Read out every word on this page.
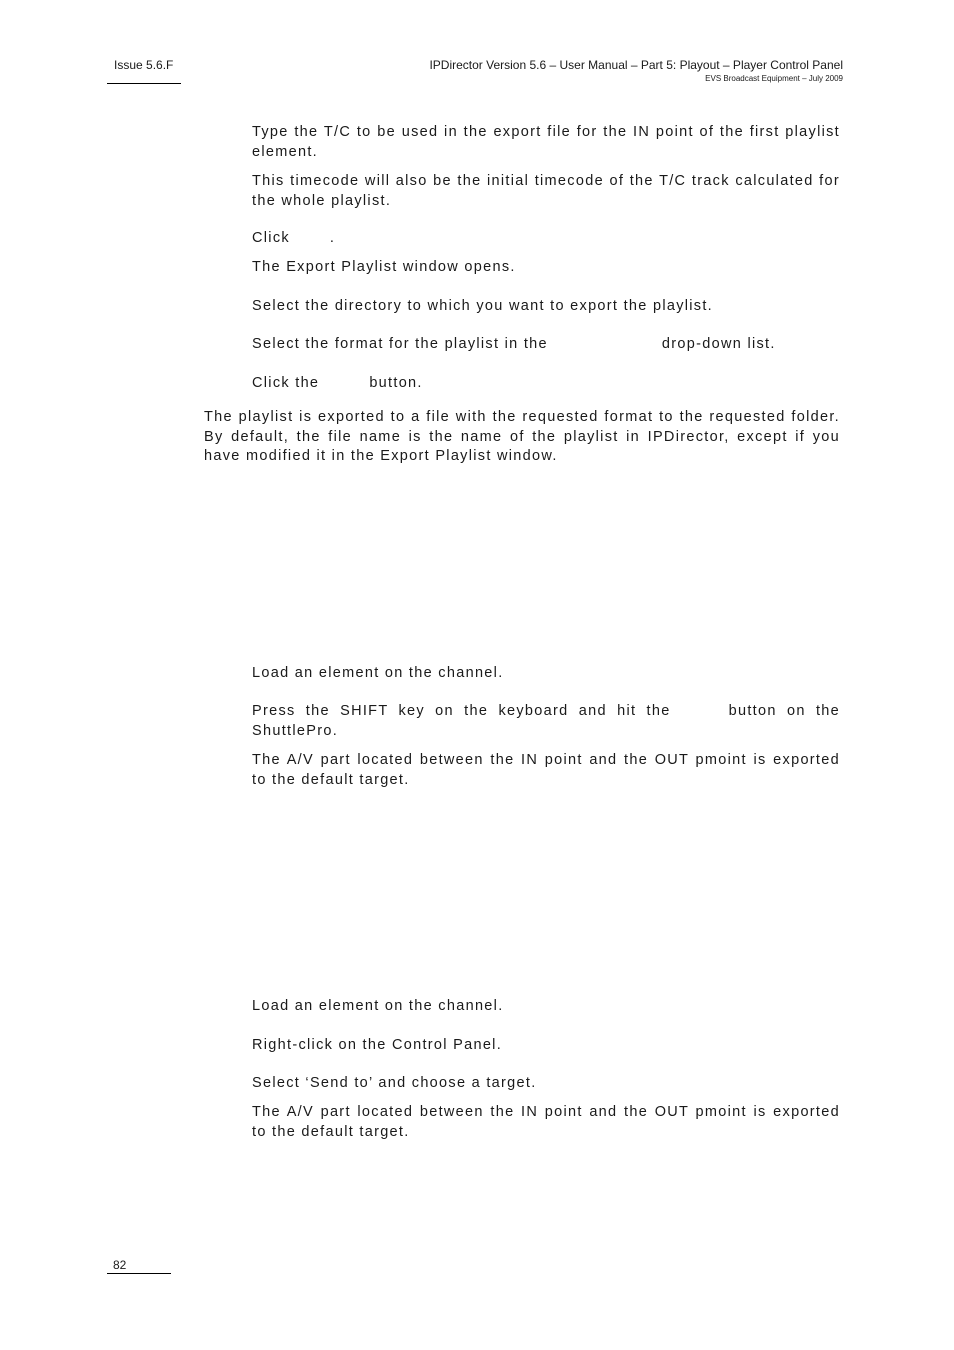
Issue 5.6.F	IPDirector Version 5.6 – User Manual – Part 5: Playout – Player Control Panel
EVS Broadcast Equipment – July 2009

Type the T/C to be used in the export file for the IN point of the first playlist element.

This timecode will also be the initial timecode of the T/C track calculated for the whole playlist.

Click	.

The Export Playlist window opens.

Select the directory to which you want to export the playlist.

Select the format for the playlist in the	drop-down list.

Click the	button.

The playlist is exported to a file with the requested format to the requested folder. By default, the file name is the name of the playlist in IPDirector, except if you have modified it in the Export Playlist window.

Load an element on the channel.

Press the SHIFT key on the keyboard and hit the	button on the ShuttlePro.

The A/V part located between the IN point and the OUT pmoint is exported to the default target.

Load an element on the channel.

Right-click on the Control Panel.

Select ‘Send to’ and choose a target.

The A/V part located between the IN point and the OUT pmoint is exported to the default target.

82
